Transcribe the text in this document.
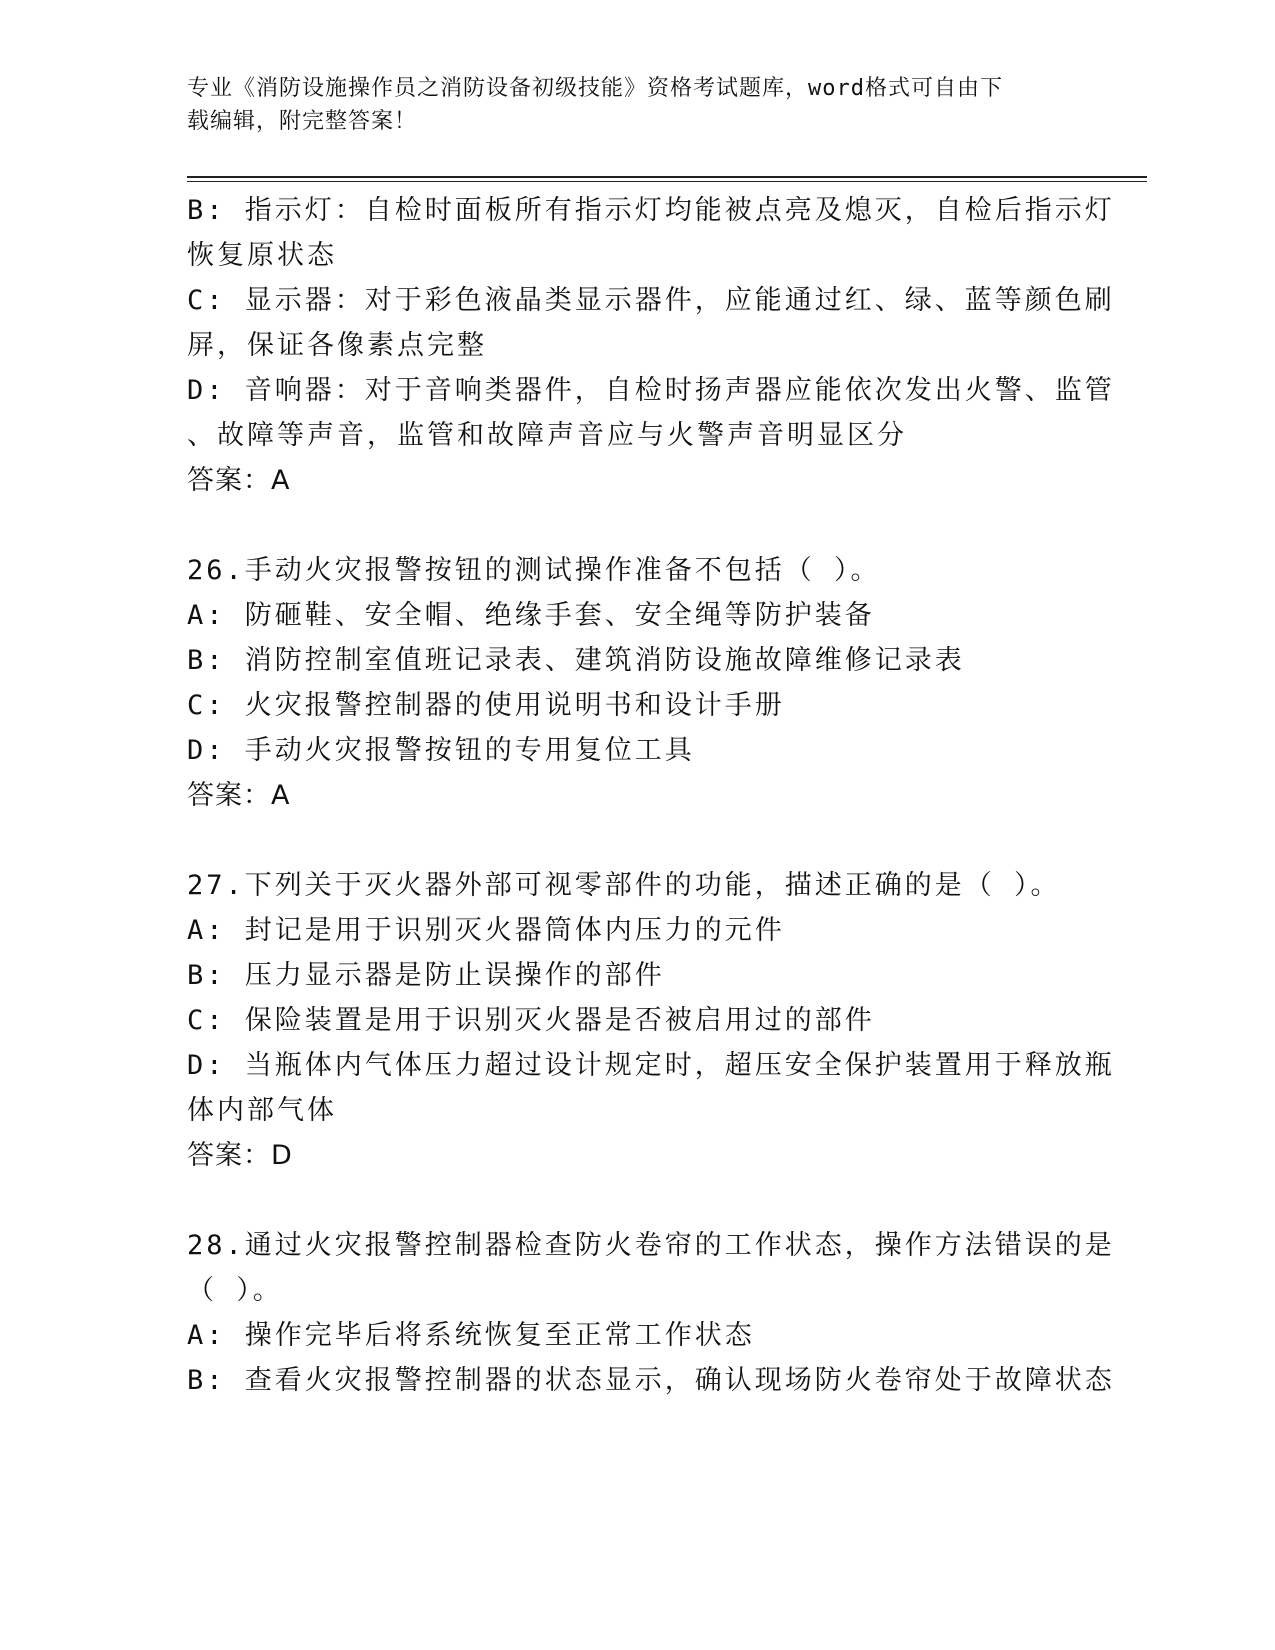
专业《消防设施操作员之消防设备初级技能》资格考试题库，word格式可自由下
载编辑，附完整答案！
B: 指示灯：自检时面板所有指示灯均能被点亮及熄灭，自检后指示灯
恢复原状态
C: 显示器：对于彩色液晶类显示器件，应能通过红、绿、蓝等颜色刷
屏，保证各像素点完整
D: 音响器：对于音响类器件，自检时扬声器应能依次发出火警、监管
、故障等声音，监管和故障声音应与火警声音明显区分
答案：A
26.手动火灾报警按钮的测试操作准备不包括（ ）。
A: 防砸鞋、安全帽、绝缘手套、安全绳等防护装备
B: 消防控制室值班记录表、建筑消防设施故障维修记录表
C: 火灾报警控制器的使用说明书和设计手册
D: 手动火灾报警按钮的专用复位工具
答案：A
27.下列关于灭火器外部可视零部件的功能，描述正确的是（ ）。
A: 封记是用于识别灭火器筒体内压力的元件
B: 压力显示器是防止误操作的部件
C: 保险装置是用于识别灭火器是否被启用过的部件
D: 当瓶体内气体压力超过设计规定时，超压安全保护装置用于释放瓶
体内部气体
答案：D
28.通过火灾报警控制器检查防火卷帘的工作状态，操作方法错误的是
（ ）。
A: 操作完毕后将系统恢复至正常工作状态
B: 查看火灾报警控制器的状态显示，确认现场防火卷帘处于故障状态
